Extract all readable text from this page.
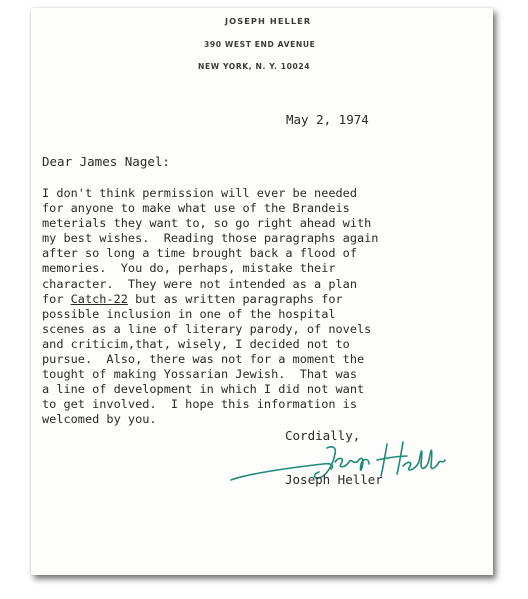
JOSEPH HELLER
390 WEST END AVENUE
NEW YORK, N. Y. 10024
May 2, 1974
Dear James Nagel:
I don't think permission will ever be needed
for anyone to make what use of the Brandeis
meterials they want to, so go right ahead with
my best wishes.  Reading those paragraphs again
after so long a time brought back a flood of
memories.  You do, perhaps, mistake their
character.  They were not intended as a plan
for Catch-22 but as written paragraphs for
possible inclusion in one of the hospital
scenes as a line of literary parody, of novels
and criticim,that, wisely, I decided not to
pursue.  Also, there was not for a moment the
tought of making Yossarian Jewish.  That was
a line of development in which I did not want
to get involved.  I hope this information is
welcomed by you.
Cordially,
Joseph Heller
